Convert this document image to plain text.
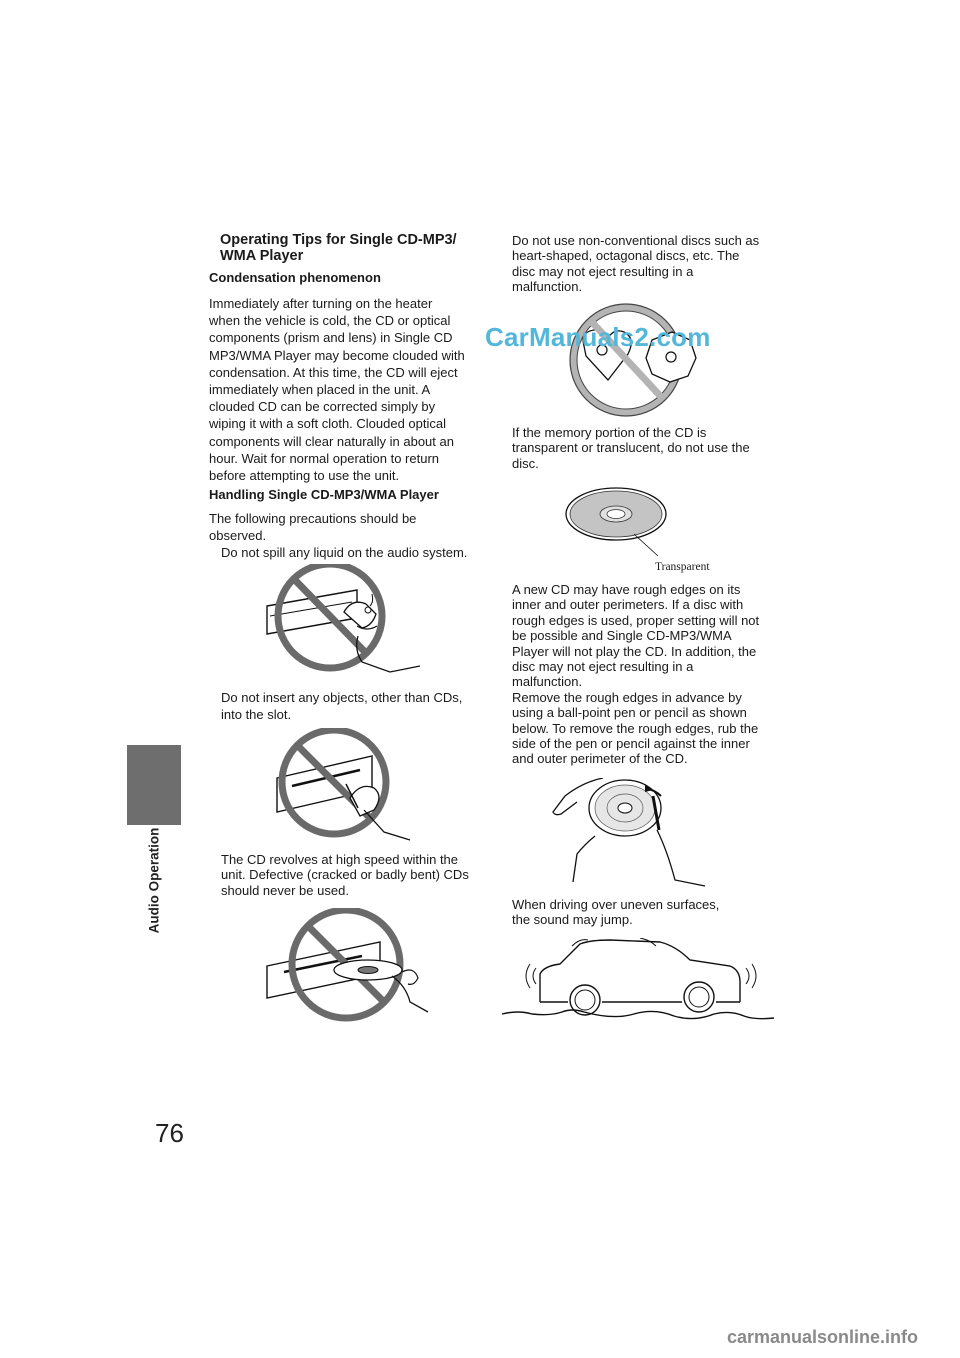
Audio Operation
76
Operating Tips for Single CD-MP3/
WMA Player
Condensation phenomenon
Immediately after turning on the heater
when the vehicle is cold, the CD or optical
components (prism and lens) in Single CD
MP3/WMA Player may become clouded with
condensation. At this time, the CD will eject
immediately when placed in the unit. A
clouded CD can be corrected simply by
wiping it with a soft cloth. Clouded optical
components will clear naturally in about an
hour. Wait for normal operation to return
before attempting to use the unit.
Handling Single CD-MP3/WMA Player
The following precautions should be
observed.
Do not spill any liquid on the audio system.
Do not insert any objects, other than CDs,
into the slot.
The CD revolves at high speed within the
unit. Defective (cracked or badly bent) CDs
should never be used.
Do not use non-conventional discs such as
heart-shaped, octagonal discs, etc. The
disc may not eject resulting in a
malfunction.
If the memory portion of the CD is
transparent or translucent, do not use the
disc.
Transparent
A new CD may have rough edges on its
inner and outer perimeters. If a disc with
rough edges is used, proper setting will not
be possible and Single CD-MP3/WMA
Player will not play the CD. In addition, the
disc may not eject resulting in a
malfunction.
Remove the rough edges in advance by
using a ball-point pen or pencil as shown
below. To remove the rough edges, rub the
side of the pen or pencil against the inner
and outer perimeter of the CD.
When driving over uneven surfaces,
the sound may jump.
CarManuals2.com
carmanualsonline.info
